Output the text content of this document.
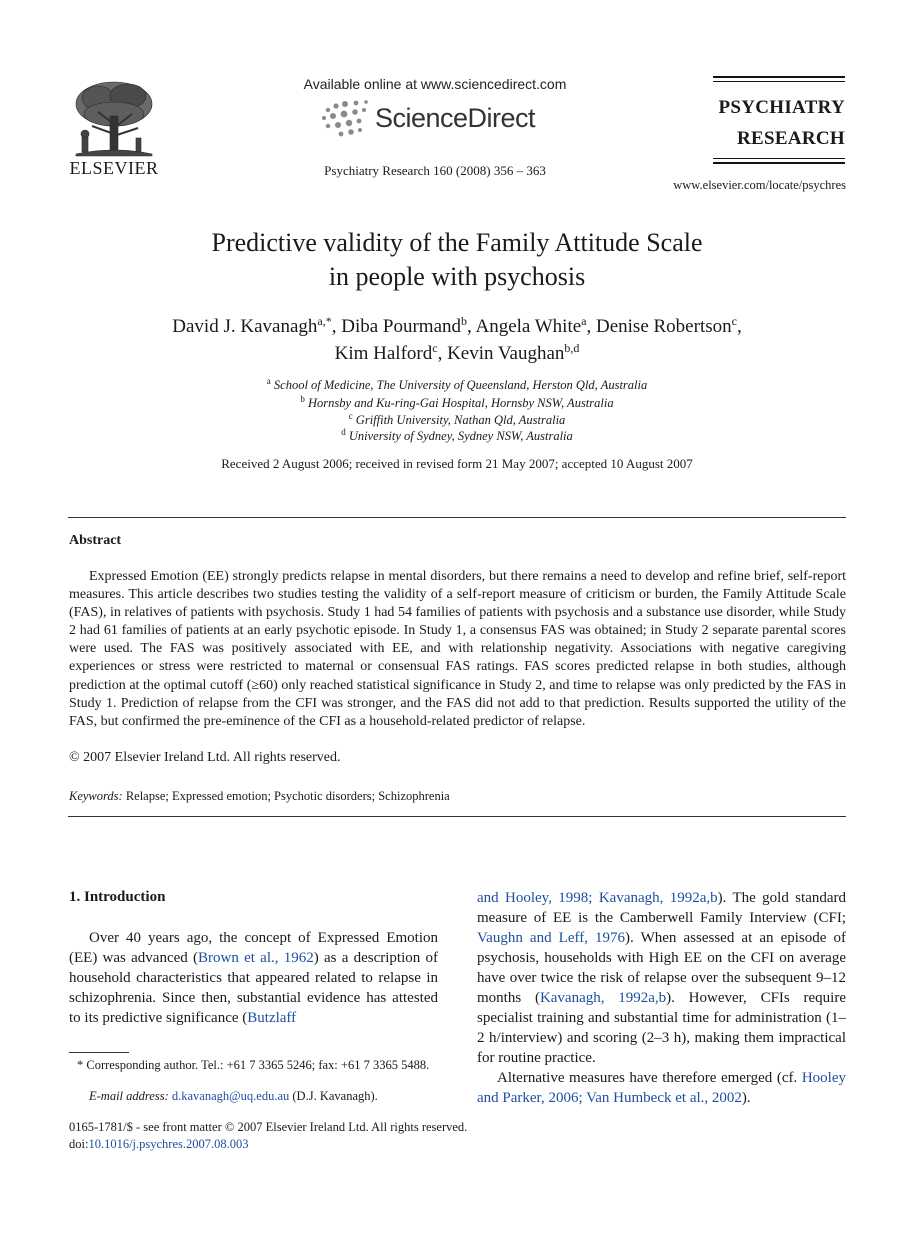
ELSEVIER
Available online at www.sciencedirect.com
ScienceDirect
Psychiatry Research 160 (2008) 356 – 363
PSYCHIATRY
RESEARCH
www.elsevier.com/locate/psychres
Predictive validity of the Family Attitude Scale
in people with psychosis
David J. Kavanagh$^{a,*}$, Diba Pourmand$^b$, Angela White$^a$, Denise Robertson$^c$,
Kim Halford$^c$, Kevin Vaughan$^{b,d}$
$^a$ School of Medicine, The University of Queensland, Herston Qld, Australia
$^b$ Hornsby and Ku-ring-Gai Hospital, Hornsby NSW, Australia
$^c$ Griffith University, Nathan Qld, Australia
$^d$ University of Sydney, Sydney NSW, Australia
Received 2 August 2006; received in revised form 21 May 2007; accepted 10 August 2007
Abstract
Expressed Emotion (EE) strongly predicts relapse in mental disorders, but there remains a need to develop and refine brief, self-report measures. This article describes two studies testing the validity of a self-report measure of criticism or burden, the Family Attitude Scale (FAS), in relatives of patients with psychosis. Study 1 had 54 families of patients with psychosis and a substance use disorder, while Study 2 had 61 families of patients at an early psychotic episode. In Study 1, a consensus FAS was obtained; in Study 2 separate parental scores were used. The FAS was positively associated with EE, and with relationship negativity. Associations with negative caregiving experiences or stress were restricted to maternal or consensual FAS ratings. FAS scores predicted relapse in both studies, although prediction at the optimal cutoff (≥60) only reached statistical significance in Study 2, and time to relapse was only predicted by the FAS in Study 1. Prediction of relapse from the CFI was stronger, and the FAS did not add to that prediction. Results supported the utility of the FAS, but confirmed the pre-eminence of the CFI as a household-related predictor of relapse.
© 2007 Elsevier Ireland Ltd. All rights reserved.
Keywords: Relapse; Expressed emotion; Psychotic disorders; Schizophrenia
1. Introduction
Over 40 years ago, the concept of Expressed Emotion (EE) was advanced (Brown et al., 1962) as a description of household characteristics that appeared related to relapse in schizophrenia. Since then, substantial evidence has attested to its predictive significance (Butzlaff

and Hooley, 1998; Kavanagh, 1992a,b). The gold standard measure of EE is the Camberwell Family Interview (CFI; Vaughn and Leff, 1976). When assessed at an episode of psychosis, households with High EE on the CFI on average have over twice the risk of relapse over the subsequent 9–12 months (Kavanagh, 1992a,b). However, CFIs require specialist training and substantial time for administration (1–2 h/interview) and scoring (2–3 h), making them impractical for routine practice.

Alternative measures have therefore emerged (cf. Hooley and Parker, 2006; Van Humbeck et al., 2002).

* Corresponding author. Tel.: +61 7 3365 5246; fax: +61 7 3365 5488.
E-mail address: d.kavanagh@uq.edu.au (D.J. Kavanagh).
0165-1781/$ - see front matter © 2007 Elsevier Ireland Ltd. All rights reserved.
doi:10.1016/j.psychres.2007.08.003
